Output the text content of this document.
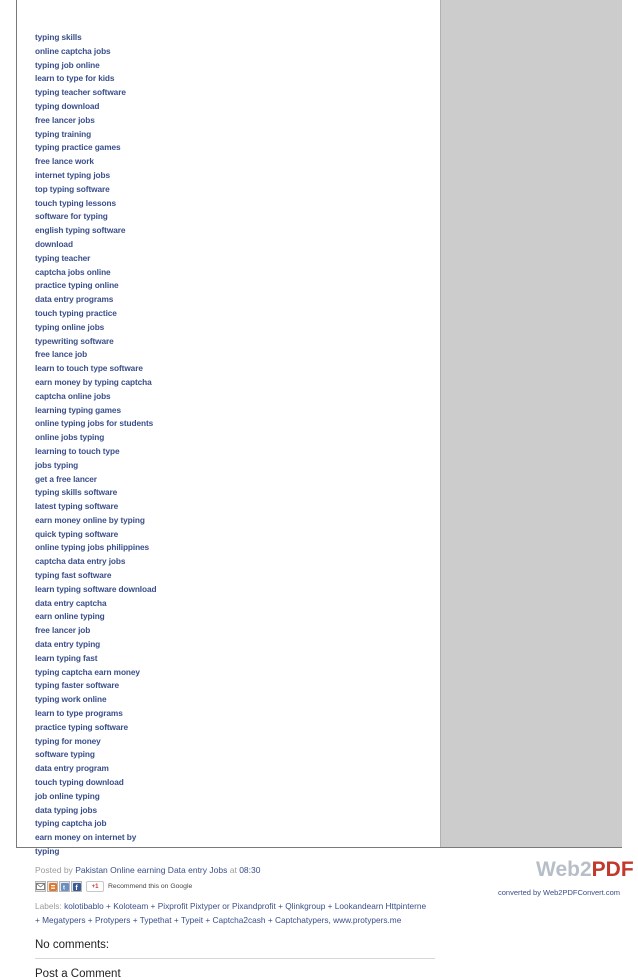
typing skills
online captcha jobs
typing job online
learn to type for kids
typing teacher software
typing download
free lancer jobs
typing training
typing practice games
free lance work
internet typing jobs
top typing software
touch typing lessons
software for typing
english typing software
download
typing teacher
captcha jobs online
practice typing online
data entry programs
touch typing practice
typing online jobs
typewriting software
free lance job
learn to touch type software
earn money by typing captcha
captcha online jobs
learning typing games
online typing jobs for students
online jobs typing
learning to touch type
jobs typing
get a free lancer
typing skills software
latest typing software
earn money online by typing
quick typing software
online typing jobs philippines
captcha data entry jobs
typing fast software
learn typing software download
data entry captcha
earn online typing
free lancer job
data entry typing
learn typing fast
typing captcha earn money
typing faster software
typing work online
learn to type programs
practice typing software
typing for money
software typing
data entry program
touch typing download
job online typing
data typing jobs
typing captcha job
earn money on internet by
typing
Posted by Pakistan Online earning Data entry Jobs at 08:30
t f	+1	Recommend this on Google
Labels: kolotibablo + Koloteam + Pixprofit Pixtyper or Pixandprofit + Qlinkgroup + Lookandearn Httpinterne + Megatypers + Protypers + Typethat + Typeit + Captcha2cash + Captchatypers, www.protypers.me
No comments:
Post a Comment
Web2PDF
converted by Web2PDFConvert.com
